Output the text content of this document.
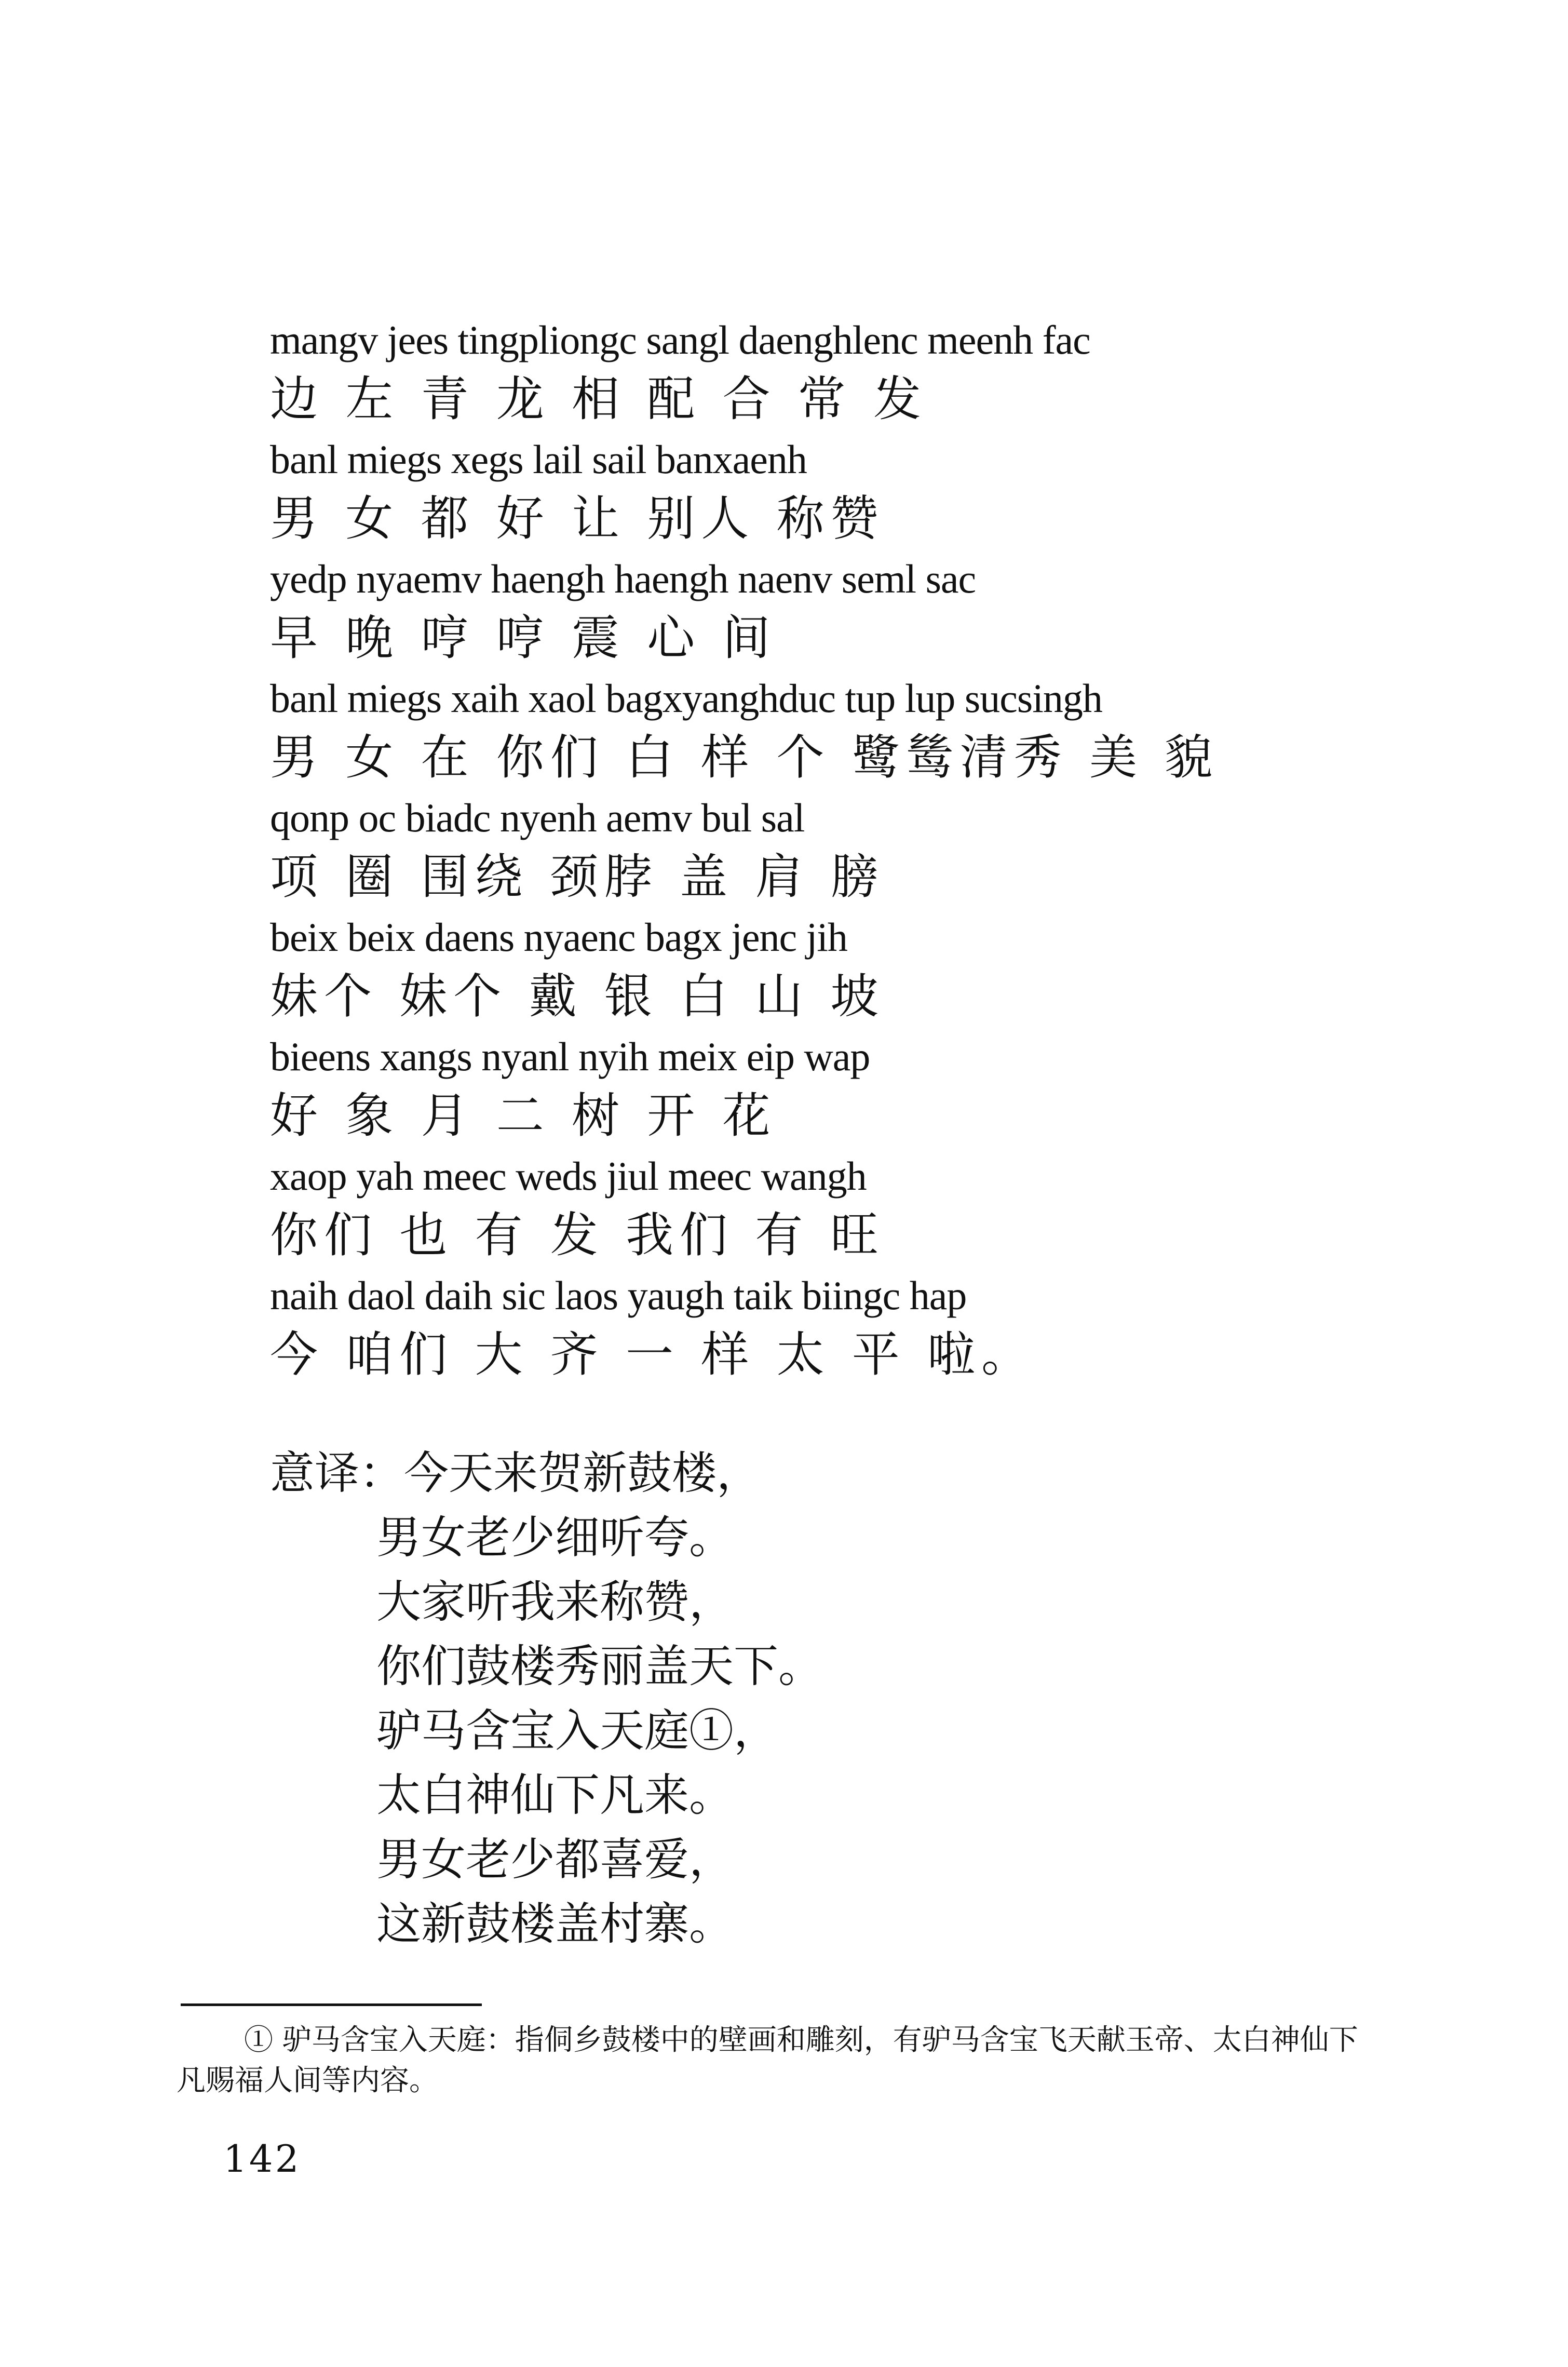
mangv jees tingpliongc sangl daenghlenc meenh fac
边 左 青 龙 相 配 合 常 发
banl miegs xegs lail sail banxaenh
男 女 都 好 让 别人 称赞
yedp nyaemv haengh haengh naenv seml sac
早 晚 哼 哼 震 心 间
banl miegs xaih xaol bagxyanghduc tup lup sucsingh
男 女 在 你们 白 样 个 鹭鸶清秀 美 貌
qonp oc biadc nyenh aemv bul sal
项 圈 围绕 颈脖 盖 肩 膀
beix beix daens nyaenc bagx jenc jih
妹个 妹个 戴 银 白 山 坡
bieens xangs nyanl nyih meix eip wap
好 象 月 二 树 开 花
xaop yah meec weds jiul meec wangh
你们 也 有 发 我们 有 旺
naih daol daih sic laos yaugh taik biingc hap
今 咱们 大 齐 一 样 太 平 啦。
意译：今天来贺新鼓楼，
男女老少细听夸。
大家听我来称赞，
你们鼓楼秀丽盖天下。
驴马含宝入天庭①，
太白神仙下凡来。
男女老少都喜爱，
这新鼓楼盖村寨。
① 驴马含宝入天庭：指侗乡鼓楼中的壁画和雕刻，有驴马含宝飞天献玉帝、太白神仙下凡赐福人间等内容。
142
